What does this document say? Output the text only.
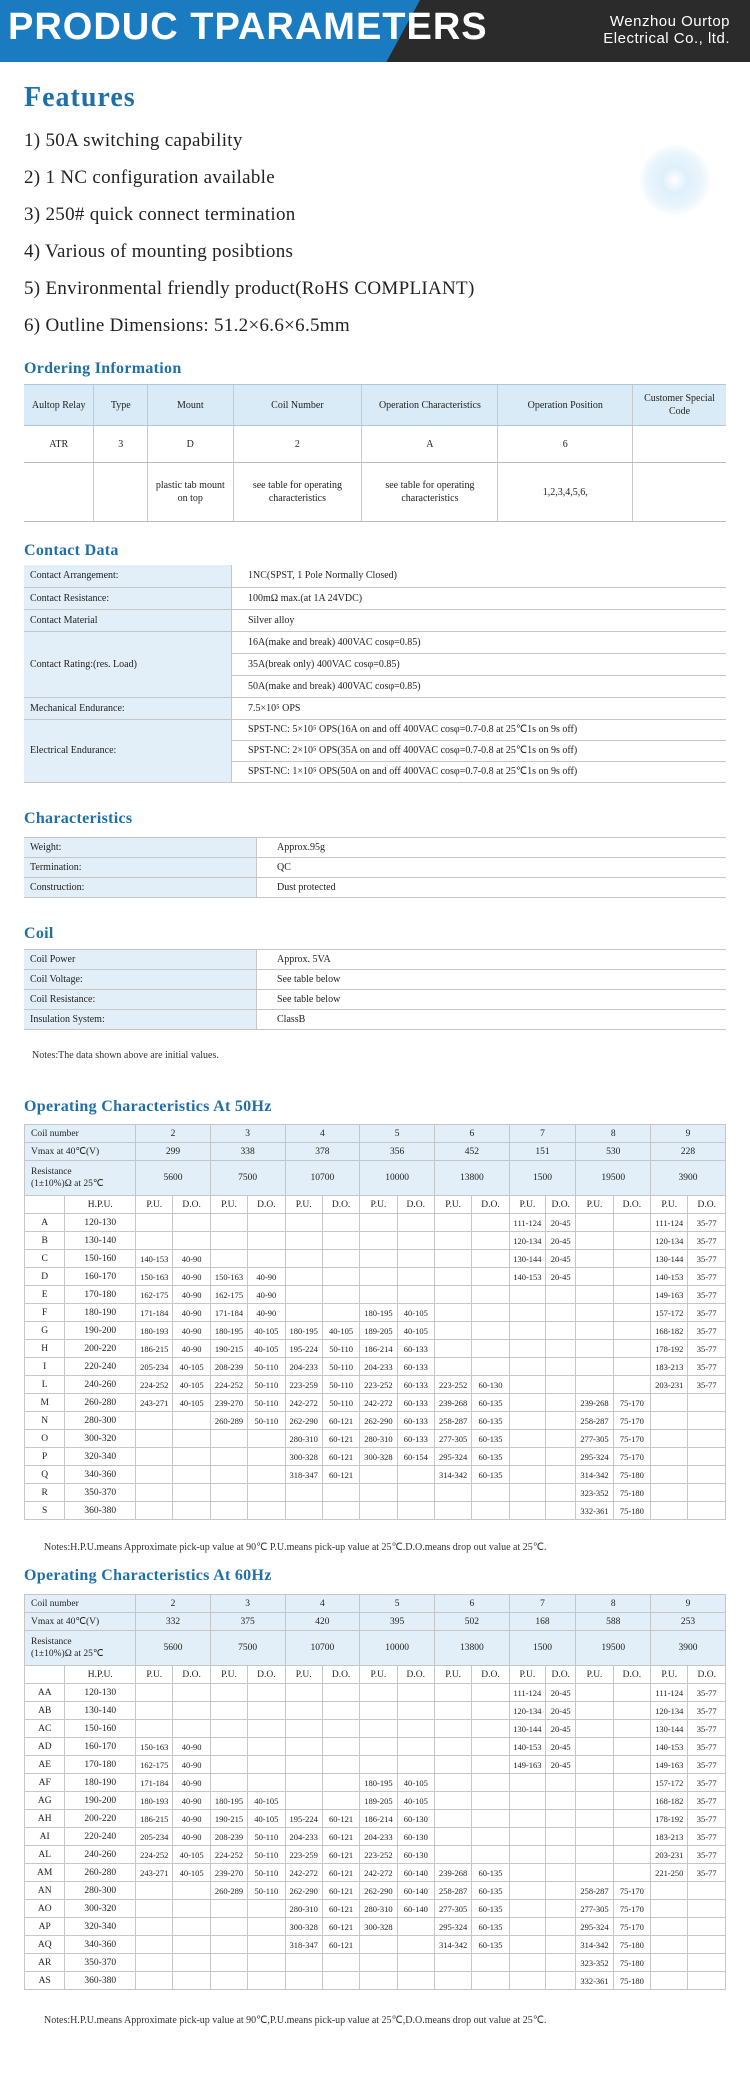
PRODUC TPARAMETERS	Wenzhou Ourtop
Electrical Co., ltd.
Features
1) 50A switching capability
2) 1 NC configuration available
3) 250# quick connect termination
4) Various of mounting posibtions
5) Environmental friendly product(RoHS COMPLIANT)
6) Outline Dimensions: 51.2×6.6×6.5mm
Ordering Information
Aultop Relay	Type	Mount	Coil Number	Operation Characteristics	Operation Position	Customer Special Code
ATR	3	D	2	A	6	
		plastic tab mount on top	see table for operating characteristics	see table for operating characteristics	1,2,3,4,5,6,	
Contact Data
Contact Arrangement:	1NC(SPST, 1 Pole Normally Closed)
Contact Resistance:	100mΩ max.(at 1A 24VDC)
Contact Material	Silver alloy
Contact Rating:(res. Load)	16A(make and break) 400VAC cosφ=0.85)
	35A(break only) 400VAC cosφ=0.85)
	50A(make and break) 400VAC cosφ=0.85)
Mechanical Endurance:	7.5×10⁵ OPS
Electrical Endurance:	SPST-NC: 5×10⁵ OPS(16A on and off 400VAC cosφ=0.7-0.8 at 25℃1s on 9s off)
	SPST-NC: 2×10⁵ OPS(35A on and off 400VAC cosφ=0.7-0.8 at 25℃1s on 9s off)
	SPST-NC: 1×10⁵ OPS(50A on and off 400VAC cosφ=0.7-0.8 at 25℃1s on 9s off)
Characteristics
Weight:	Approx.95g
Termination:	QC
Construction:	Dust protected
Coil
Coil Power	Approx. 5VA
Coil Voltage:	See table below
Coil Resistance:	See table below
Insulation System:	ClassB
Notes:The data shown above are initial values.
Operating Characteristics At 50Hz
Coil number		2		3		4		5		6		7		8		9	
Vmax at 40℃(V)		299		338		378		356		452		151		530		228	

Resistance
(1±10%)Ω at 25℃		5600		7500		10700		10000		13800		1500		19500		3900	
	H.P.U.	P.U.	D.O.	P.U.	D.O.	P.U.	D.O.	P.U.	D.O.	P.U.	D.O.	P.U.	D.O.	P.U.	D.O.	P.U.	D.O.
A	120-130											111-124	20-45			111-124	35-77
B	130-140											120-134	20-45			120-134	35-77
C	150-160	140-153	40-90									130-144	20-45			130-144	35-77
D	160-170	150-163	40-90	150-163	40-90							140-153	20-45			140-153	35-77
E	170-180	162-175	40-90	162-175	40-90											149-163	35-77
F	180-190	171-184	40-90	171-184	40-90			180-195	40-105							157-172	35-77
G	190-200	180-193	40-90	180-195	40-105	180-195	40-105	189-205	40-105							168-182	35-77
H	200-220	186-215	40-90	190-215	40-105	195-224	50-110	186-214	60-133							178-192	35-77
I	220-240	205-234	40-105	208-239	50-110	204-233	50-110	204-233	60-133							183-213	35-77
L	240-260	224-252	40-105	224-252	50-110	223-259	50-110	223-252	60-133	223-252	60-130					203-231	35-77
M	260-280	243-271	40-105	239-270	50-110	242-272	50-110	242-272	60-133	239-268	60-135			239-268	75-170		
N	280-300			260-289	50-110	262-290	60-121	262-290	60-133	258-287	60-135			258-287	75-170		
O	300-320					280-310	60-121	280-310	60-133	277-305	60-135			277-305	75-170		
P	320-340					300-328	60-121	300-328	60-154	295-324	60-135			295-324	75-170		
Q	340-360					318-347	60-121			314-342	60-135			314-342	75-180		
R	350-370													323-352	75-180		
S	360-380													332-361	75-180		
Notes:H.P.U.means Approximate pick-up value at 90℃ P.U.means pick-up value at 25℃.D.O.means drop out value at 25℃.
Operating Characteristics At 60Hz
Coil number		2		3		4		5		6		7		8		9	
Vmax at 40℃(V)		332		375		420		395		502		168		588		253	

Resistance
(1±10%)Ω at 25℃		5600		7500		10700		10000		13800		1500		19500		3900	
	H.P.U.	P.U.	D.O.	P.U.	D.O.	P.U.	D.O.	P.U.	D.O.	P.U.	D.O.	P.U.	D.O.	P.U.	D.O.	P.U.	D.O.
AA	120-130											111-124	20-45			111-124	35-77
AB	130-140											120-134	20-45			120-134	35-77
AC	150-160											130-144	20-45			130-144	35-77
AD	160-170	150-163	40-90									140-153	20-45			140-153	35-77
AE	170-180	162-175	40-90									149-163	20-45			149-163	35-77
AF	180-190	171-184	40-90					180-195	40-105							157-172	35-77
AG	190-200	180-193	40-90	180-195	40-105			189-205	40-105							168-182	35-77
AH	200-220	186-215	40-90	190-215	40-105	195-224	60-121	186-214	60-130							178-192	35-77
AI	220-240	205-234	40-90	208-239	50-110	204-233	60-121	204-233	60-130							183-213	35-77
AL	240-260	224-252	40-105	224-252	50-110	223-259	60-121	223-252	60-130							203-231	35-77
AM	260-280	243-271	40-105	239-270	50-110	242-272	60-121	242-272	60-140	239-268	60-135					221-250	35-77
AN	280-300			260-289	50-110	262-290	60-121	262-290	60-140	258-287	60-135			258-287	75-170		
AO	300-320					280-310	60-121	280-310	60-140	277-305	60-135			277-305	75-170		
AP	320-340					300-328	60-121	300-328		295-324	60-135			295-324	75-170		
AQ	340-360					318-347	60-121			314-342	60-135			314-342	75-180		
AR	350-370													323-352	75-180		
AS	360-380													332-361	75-180		
Notes:H.P.U.means Approximate pick-up value at 90℃,P.U.means pick-up value at 25℃,D.O.means drop out value at 25℃.
